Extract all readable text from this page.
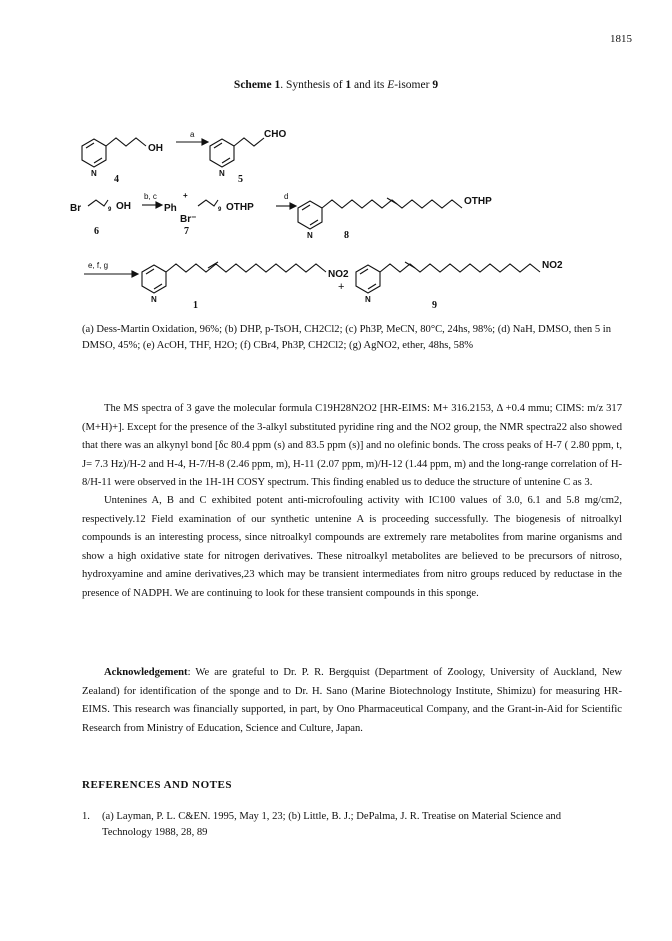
1815
Scheme 1. Synthesis of 1 and its E-isomer 9
OH
a	CHO
N	N
4	5
Br	9 OH
b, c
Ph
+
Br⁻
9 OTHP
d	OTHP
N
6	7	8
e, f, g
NO2
N
+
NO2
N
1	9
(a) Dess-Martin Oxidation, 96%; (b) DHP, p-TsOH, CH2Cl2; (c) Ph3P, MeCN, 80°C, 24hs, 98%; (d) NaH, DMSO, then 5 in DMSO, 45%; (e) AcOH, THF, H2O; (f) CBr4, Ph3P, CH2Cl2; (g) AgNO2, ether, 48hs, 58%

The MS spectra of 3 gave the molecular formula C19H28N2O2 [HR-EIMS: M+ 316.2153, Δ +0.4 mmu; CIMS: m/z 317 (M+H)+]. Except for the presence of the 3-alkyl substituted pyridine ring and the NO2 group, the NMR spectra22 also showed that there was an alkynyl bond [δc 80.4 ppm (s) and 83.5 ppm (s)] and no olefinic bonds. The cross peaks of H-7 ( 2.80 ppm, t, J= 7.3 Hz)/H-2 and H-4, H-7/H-8 (2.46 ppm, m), H-11 (2.07 ppm, m)/H-12 (1.44 ppm, m) and the long-range correlation of H-8/H-11 were observed in the 1H-1H COSY spectrum. This finding enabled us to deduce the structure of untenine C as 3.

Untenines A, B and C exhibited potent anti-microfouling activity with IC100 values of 3.0, 6.1 and 5.8 mg/cm2, respectively.12 Field examination of our synthetic untenine A is proceeding successfully. The biogenesis of nitroalkyl compounds is an interesting process, since nitroalkyl compounds are extremely rare metabolites from marine organisms and show a high oxidative state for nitrogen derivatives. These nitroalkyl metabolites are believed to be precursors of nitroso, hydroxyamine and amine derivatives,23 which may be transient intermediates from nitro groups reduced by reductase in the presence of NADPH. We are continuing to look for these transient compounds in this sponge.

Acknowledgement: We are grateful to Dr. P. R. Bergquist (Department of Zoology, University of Auckland, New Zealand) for identification of the sponge and to Dr. H. Sano (Marine Biotechnology Institute, Shimizu) for measuring HR-EIMS. This research was financially supported, in part, by Ono Pharmaceutical Company, and the Grant-in-Aid for Scientific Research from Ministry of Education, Science and Culture, Japan.

REFERENCES AND NOTES
1. (a) Layman, P. L. C&EN. 1995, May 1, 23; (b) Little, B. J.; DePalma, J. R. Treatise on Material Science and Technology 1988, 28, 89
